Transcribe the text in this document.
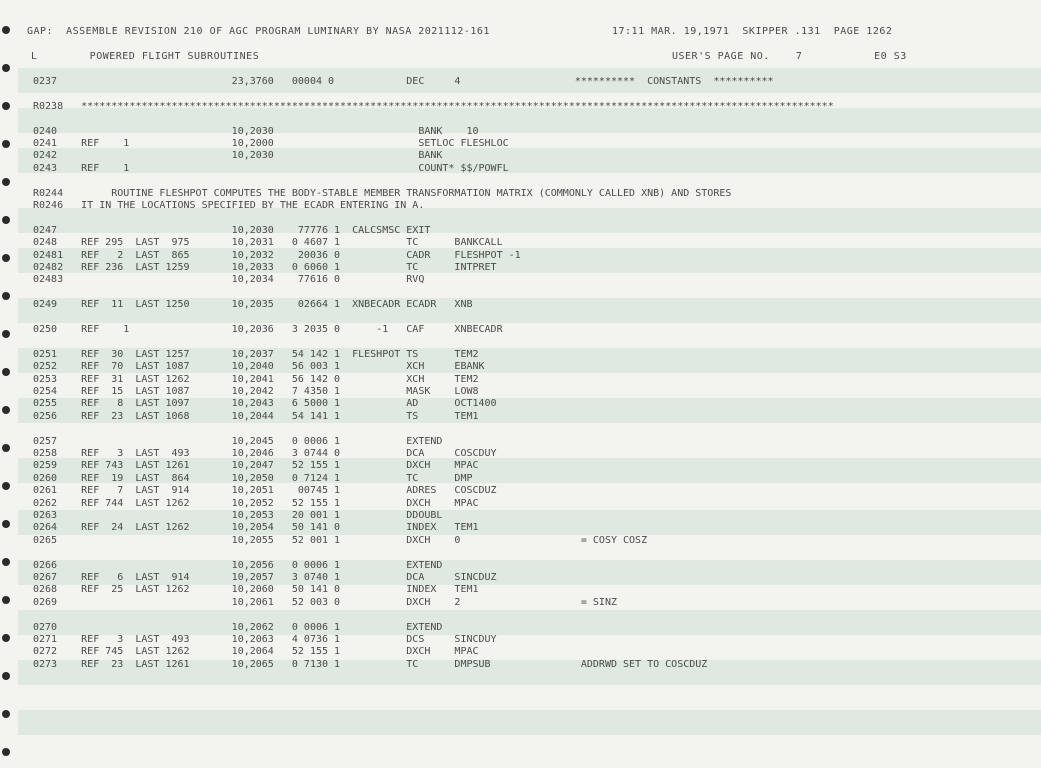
GAP:  ASSEMBLE REVISION 210 OF AGC PROGRAM LUMINARY BY NASA 2021112-161	17:11 MAR. 19,1971  SKIPPER .131  PAGE 1262
L        POWERED FLIGHT SUBROUTINES	USER'S PAGE NO.    7           E0 S3
0237                             23,3760   00004 0            DEC     4                   **********  CONSTANTS  **********
R0238   *****************************************************************************************************************************
0240                             10,2030                        BANK    10
0241    REF    1                 10,2000                        SETLOC FLESHLOC
0242                             10,2030                        BANK
0243    REF    1                                                COUNT* $$/POWFL
R0244        ROUTINE FLESHPOT COMPUTES THE BODY-STABLE MEMBER TRANSFORMATION MATRIX (COMMONLY CALLED XNB) AND STORES
R0246   IT IN THE LOCATIONS SPECIFIED BY THE ECADR ENTERING IN A.
0247                             10,2030    77776 1  CALCSMSC EXIT
0248    REF 295  LAST  975       10,2031   0 4607 1           TC      BANKCALL
02481   REF   2  LAST  865       10,2032    20036 0           CADR    FLESHPOT -1
02482   REF 236  LAST 1259       10,2033   0 6060 1           TC      INTPRET
02483                            10,2034    77616 0           RVQ
0249    REF  11  LAST 1250       10,2035    02664 1  XNBECADR ECADR   XNB
0250    REF    1                 10,2036   3 2035 0      -1   CAF     XNBECADR
0251    REF  30  LAST 1257       10,2037   54 142 1  FLESHPOT TS      TEM2
0252    REF  70  LAST 1087       10,2040   56 003 1           XCH     EBANK
0253    REF  31  LAST 1262       10,2041   56 142 0           XCH     TEM2
0254    REF  15  LAST 1087       10,2042   7 4350 1           MASK    LOW8
0255    REF   8  LAST 1097       10,2043   6 5000 1           AD      OCT1400
0256    REF  23  LAST 1068       10,2044   54 141 1           TS      TEM1
0257                             10,2045   0 0006 1           EXTEND
0258    REF   3  LAST  493       10,2046   3 0744 0           DCA     COSCDUY
0259    REF 743  LAST 1261       10,2047   52 155 1           DXCH    MPAC
0260    REF  19  LAST  864       10,2050   0 7124 1           TC      DMP
0261    REF   7  LAST  914       10,2051    00745 1           ADRES   COSCDUZ
0262    REF 744  LAST 1262       10,2052   52 155 1           DXCH    MPAC
0263                             10,2053   20 001 1           DDOUBL
0264    REF  24  LAST 1262       10,2054   50 141 0           INDEX   TEM1
0265                             10,2055   52 001 1           DXCH    0                    = COSY COSZ
0266                             10,2056   0 0006 1           EXTEND
0267    REF   6  LAST  914       10,2057   3 0740 1           DCA     SINCDUZ
0268    REF  25  LAST 1262       10,2060   50 141 0           INDEX   TEM1
0269                             10,2061   52 003 0           DXCH    2                    = SINZ
0270                             10,2062   0 0006 1           EXTEND
0271    REF   3  LAST  493       10,2063   4 0736 1           DCS     SINCDUY
0272    REF 745  LAST 1262       10,2064   52 155 1           DXCH    MPAC
0273    REF  23  LAST 1261       10,2065   0 7130 1           TC      DMPSUB               ADDRWD SET TO COSCDUZ
